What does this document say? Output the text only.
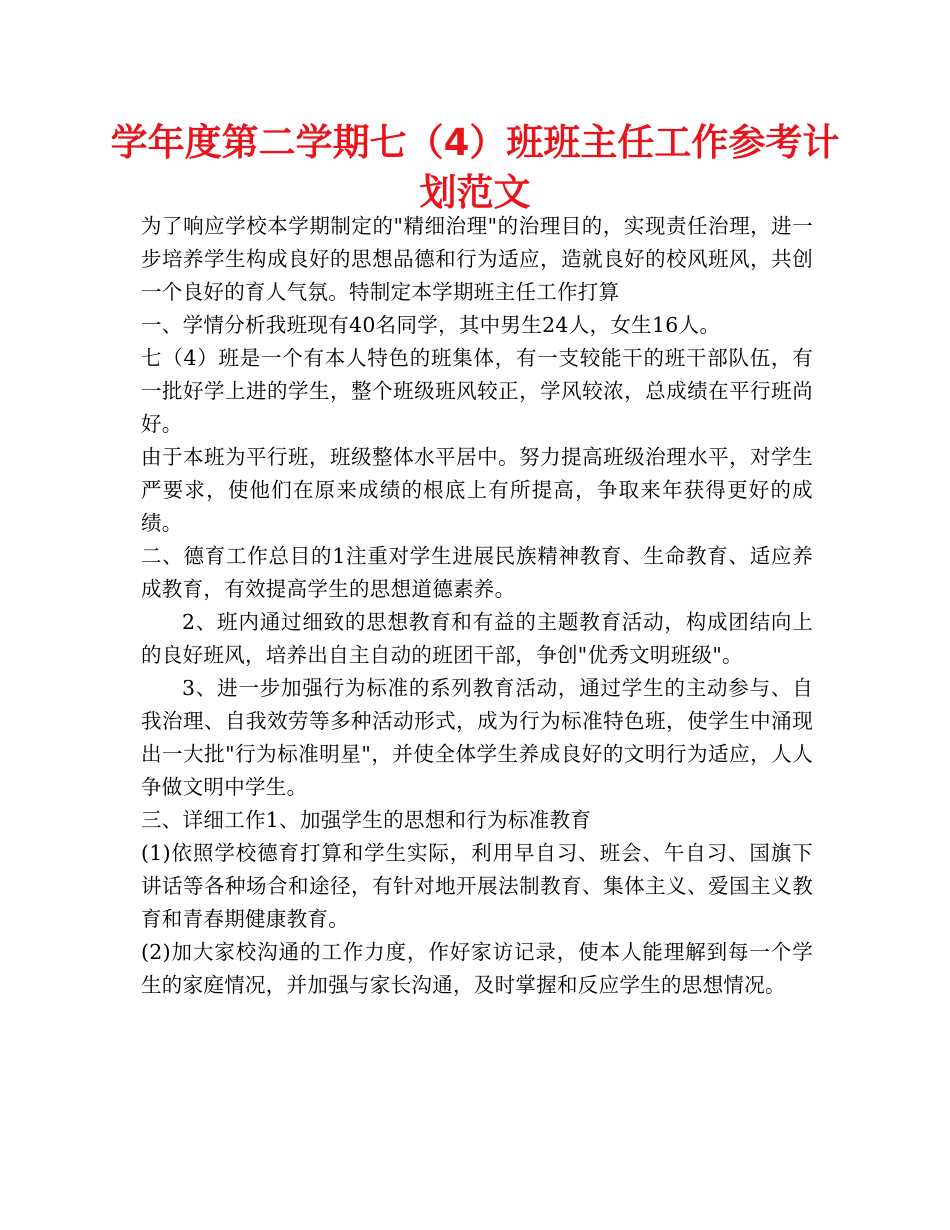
学年度第二学期七（4）班班主任工作参考计划范文

为了响应学校本学期制定的"精细治理"的治理目的，实现责任治理，进一步培养学生构成良好的思想品德和行为适应，造就良好的校风班风，共创一个良好的育人气氛。特制定本学期班主任工作打算

一、学情分析我班现有40名同学，其中男生24人，女生16人。

七（4）班是一个有本人特色的班集体，有一支较能干的班干部队伍，有一批好学上进的学生，整个班级班风较正，学风较浓，总成绩在平行班尚好。

由于本班为平行班，班级整体水平居中。努力提高班级治理水平，对学生严要求，使他们在原来成绩的根底上有所提高，争取来年获得更好的成绩。

二、德育工作总目的1注重对学生进展民族精神教育、生命教育、适应养成教育，有效提高学生的思想道德素养。

2、班内通过细致的思想教育和有益的主题教育活动，构成团结向上的良好班风，培养出自主自动的班团干部，争创"优秀文明班级"。

3、进一步加强行为标准的系列教育活动，通过学生的主动参与、自我治理、自我效劳等多种活动形式，成为行为标准特色班，使学生中涌现出一大批"行为标准明星"，并使全体学生养成良好的文明行为适应，人人争做文明中学生。

三、详细工作1、加强学生的思想和行为标准教育

(1)依照学校德育打算和学生实际，利用早自习、班会、午自习、国旗下讲话等各种场合和途径，有针对地开展法制教育、集体主义、爱国主义教育和青春期健康教育。

(2)加大家校沟通的工作力度，作好家访记录，使本人能理解到每一个学生的家庭情况，并加强与家长沟通，及时掌握和反应学生的思想情况。
